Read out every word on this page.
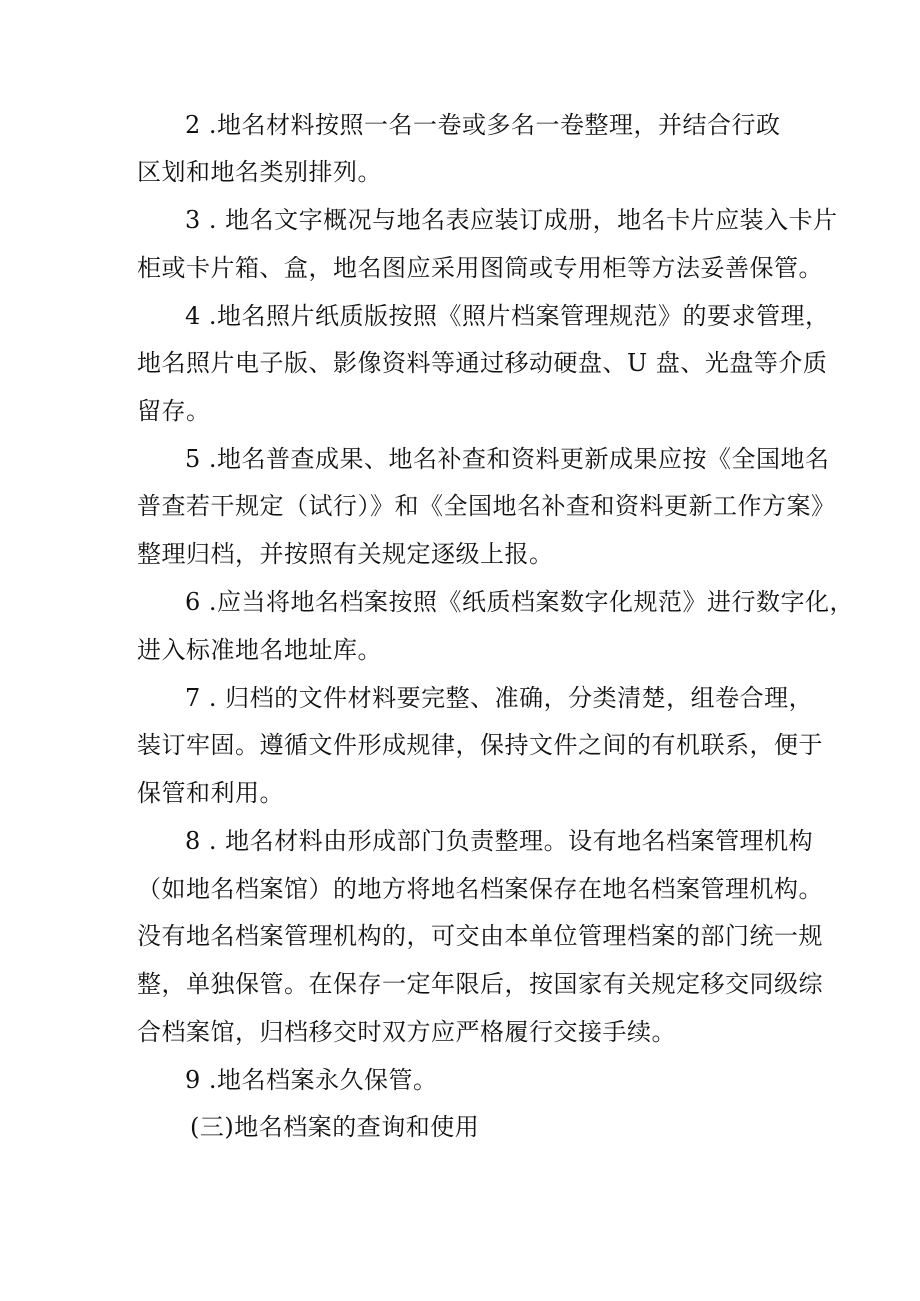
2 .地名材料按照一名一卷或多名一卷整理，并结合行政
区划和地名类别排列。
3 . 地名文字概况与地名表应装订成册，地名卡片应装入卡片
柜或卡片箱、盒，地名图应采用图筒或专用柜等方法妥善保管。
4 .地名照片纸质版按照《照片档案管理规范》的要求管理，
地名照片电子版、影像资料等通过移动硬盘、U 盘、光盘等介质
留存。
5 .地名普查成果、地名补查和资料更新成果应按《全国地名
普查若干规定（试行）》和《全国地名补查和资料更新工作方案》
整理归档，并按照有关规定逐级上报。
6 .应当将地名档案按照《纸质档案数字化规范》进行数字化，
进入标准地名地址库。
7 . 归档的文件材料要完整、准确，分类清楚，组卷合理，
装订牢固。遵循文件形成规律，保持文件之间的有机联系，便于
保管和利用。
8 . 地名材料由形成部门负责整理。设有地名档案管理机构
（如地名档案馆）的地方将地名档案保存在地名档案管理机构。
没有地名档案管理机构的，可交由本单位管理档案的部门统一规
整，单独保管。在保存一定年限后，按国家有关规定移交同级综
合档案馆，归档移交时双方应严格履行交接手续。
9 .地名档案永久保管。
(三)地名档案的查询和使用
